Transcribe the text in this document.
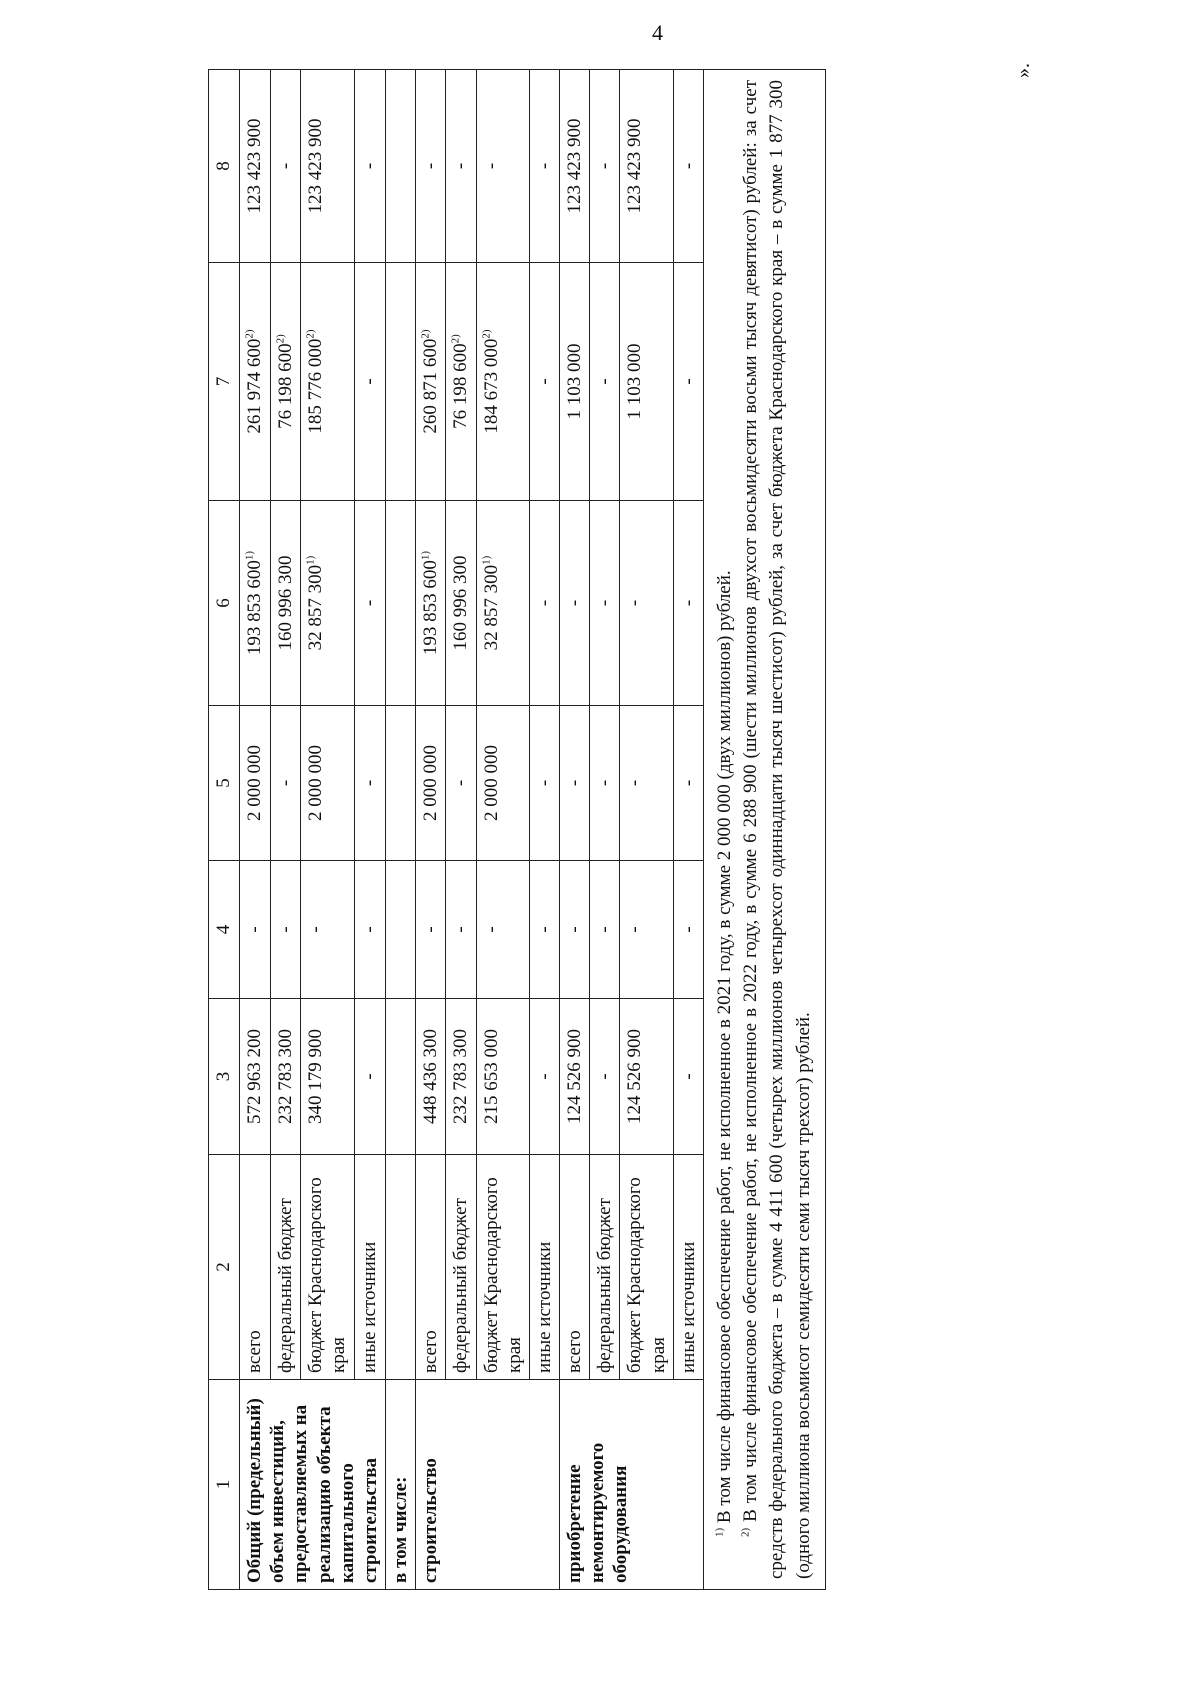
4
».
1	2	3	4	5	6	7	8
Общий (предельный) объем инвестиций, предоставляемых на реализацию объекта капитального строительства	всего	572 963 200	-	2 000 000	193 853 600$^{1)}$	261 974 600$^{2)}$	123 423 900
	федеральный бюджет	232 783 300	-	-	160 996 300	76 198 600$^{2)}$	-
	бюджет Краснодарского края	340 179 900	-	2 000 000	32 857 300$^{1)}$	185 776 000$^{2)}$	123 423 900
	иные источники	-	-	-	-	-	-
в том числе:							
строительство	всего	448 436 300	-	2 000 000	193 853 600$^{1)}$	260 871 600$^{2)}$	-
	федеральный бюджет	232 783 300	-	-	160 996 300	76 198 600$^{2)}$	-
	бюджет Краснодарского края	215 653 000	-	2 000 000	32 857 300$^{1)}$	184 673 000$^{2)}$	-
	иные источники	-	-	-	-	-	-
приобретение немонтируемого оборудования	всего	124 526 900	-	-	-	1 103 000	123 423 900
	федеральный бюджет	-	-	-	-	-	-
	бюджет Краснодарского края	124 526 900	-	-	-	1 103 000	123 423 900
	иные источники	-	-	-	-	-	-

$^{1)}$ В том числе финансовое обеспечение работ, не исполненное в 2021 году, в сумме 2 000 000 (двух миллионов) рублей.

$^{2)}$ В том числе финансовое обеспечение работ, не исполненное в 2022 году, в сумме 6 288 900 (шести миллионов двухсот восьмидесяти восьми тысяч девятисот) рублей: за счет средств федерального бюджета – в сумме 4 411 600 (четырех миллионов четырехсот одиннадцати тысяч шестисот) рублей, за счет бюджета Краснодарского края – в сумме 1 877 300 (одного миллиона восьмисот семидесяти семи тысяч трехсот) рублей.							
